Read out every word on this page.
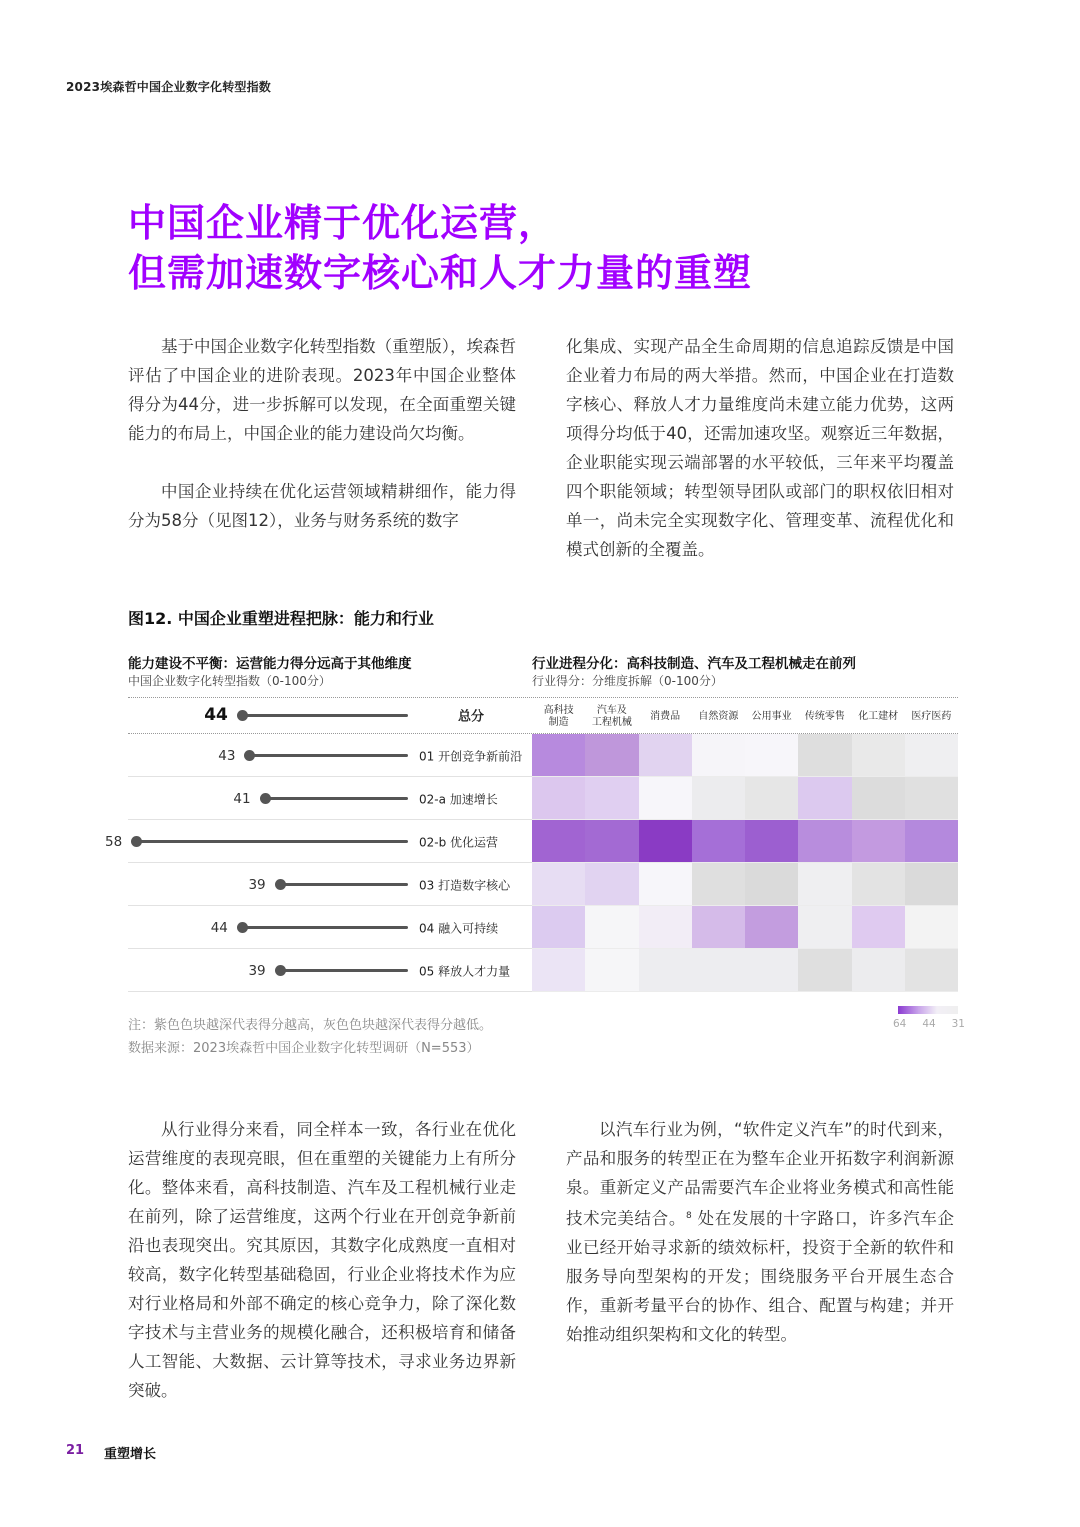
2023埃森哲中国企业数字化转型指数
中国企业精于优化运营，
但需加速数字核心和人才力量的重塑

基于中国企业数字化转型指数（重塑版），埃森哲评估了中国企业的进阶表现。2023年中国企业整体得分为44分，进一步拆解可以发现，在全面重塑关键能力的布局上，中国企业的能力建设尚欠均衡。

中国企业持续在优化运营领域精耕细作，能力得分为58分（见图12），业务与财务系统的数字

化集成、实现产品全生命周期的信息追踪反馈是中国企业着力布局的两大举措。然而，中国企业在打造数字核心、释放人才力量维度尚未建立能力优势，这两项得分均低于40，还需加速攻坚。观察近三年数据，企业职能实现云端部署的水平较低，三年来平均覆盖四个职能领域；转型领导团队或部门的职权依旧相对单一，尚未完全实现数字化、管理变革、流程优化和模式创新的全覆盖。

图12. 中国企业重塑进程把脉：能力和行业
能力建设不平衡：运营能力得分远高于其他维度
中国企业数字化转型指数（0-100分）
行业进程分化：高科技制造、汽车及工程机械走在前列
行业得分：分维度拆解（0-100分）
44	总分
43	01 开创竞争新前沿
41	02-a 加速增长
58	02-b 优化运营
39	03 打造数字核心
44	04 融入可持续
39	05 释放人才力量
高科技
制造
汽车及
工程机械
消费品	自然资源	公用事业	传统零售	化工建材	医疗医药
注：紫色色块越深代表得分越高，灰色色块越深代表得分越低。
数据来源：2023埃森哲中国企业数字化转型调研（N=553）
64 44 31

从行业得分来看，同全样本一致，各行业在优化运营维度的表现亮眼，但在重塑的关键能力上有所分化。整体来看，高科技制造、汽车及工程机械行业走在前列，除了运营维度，这两个行业在开创竞争新前沿也表现突出。究其原因，其数字化成熟度一直相对较高，数字化转型基础稳固，行业企业将技术作为应对行业格局和外部不确定的核心竞争力，除了深化数字技术与主营业务的规模化融合，还积极培育和储备人工智能、大数据、云计算等技术，寻求业务边界新突破。

以汽车行业为例，“软件定义汽车”的时代到来，产品和服务的转型正在为整车企业开拓数字利润新源泉。重新定义产品需要汽车企业将业务模式和高性能技术完美结合。$^8$ 处在发展的十字路口，许多汽车企业已经开始寻求新的绩效标杆，投资于全新的软件和服务导向型架构的开发；围绕服务平台开展生态合作，重新考量平台的协作、组合、配置与构建；并开始推动组织架构和文化的转型。

21 重塑增长
